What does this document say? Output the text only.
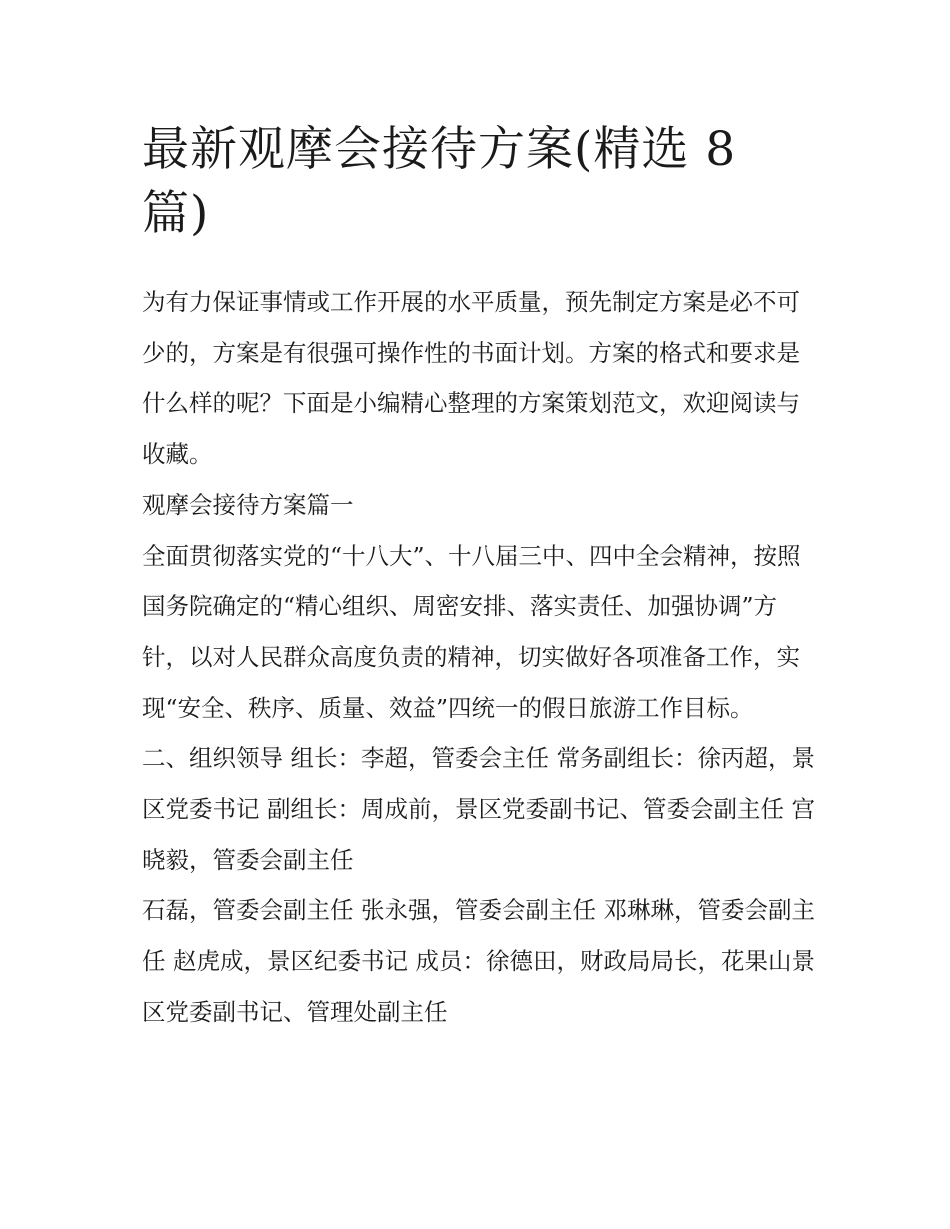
最新观摩会接待方案(精选 8 篇)

为有力保证事情或工作开展的水平质量，预先制定方案是必不可少的，方案是有很强可操作性的书面计划。方案的格式和要求是什么样的呢？下面是小编精心整理的方案策划范文，欢迎阅读与收藏。

观摩会接待方案篇一

全面贯彻落实党的“十八大”、十八届三中、四中全会精神，按照国务院确定的“精心组织、周密安排、落实责任、加强协调”方针，以对人民群众高度负责的精神，切实做好各项准备工作，实现“安全、秩序、质量、效益”四统一的假日旅游工作目标。

二、组织领导 组长：李超，管委会主任 常务副组长：徐丙超，景区党委书记 副组长：周成前，景区党委副书记、管委会副主任 宫晓毅，管委会副主任

石磊，管委会副主任 张永强，管委会副主任 邓琳琳，管委会副主任 赵虎成，景区纪委书记 成员：徐德田，财政局局长，花果山景区党委副书记、管理处副主任
